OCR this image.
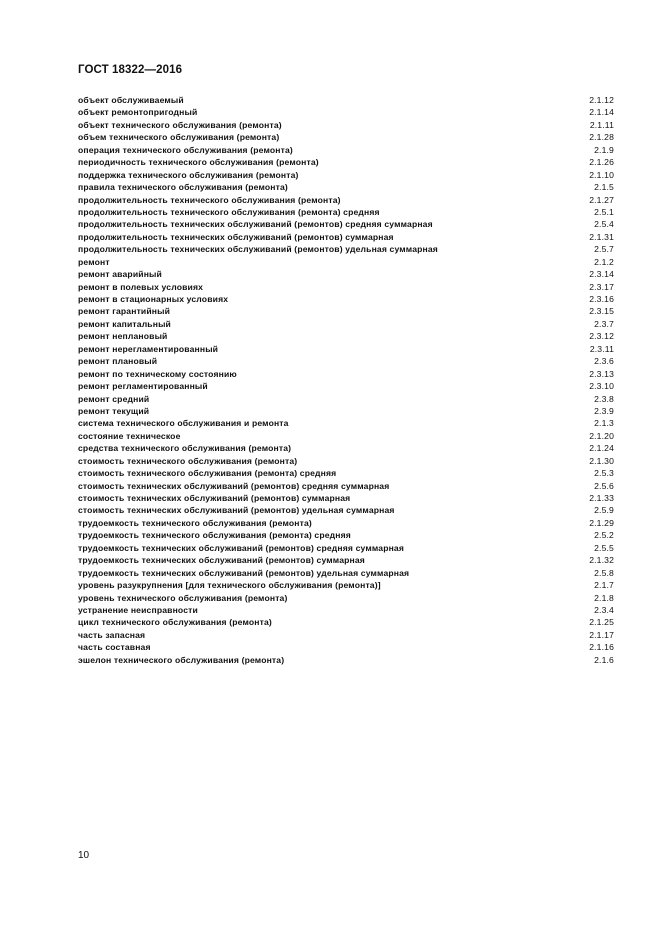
ГОСТ 18322—2016
объект обслуживаемый	2.1.12
объект ремонтопригодный	2.1.14
объект технического обслуживания (ремонта)	2.1.11
объем технического обслуживания (ремонта)	2.1.28
операция технического обслуживания (ремонта)	2.1.9
периодичность технического обслуживания (ремонта)	2.1.26
поддержка технического обслуживания (ремонта)	2.1.10
правила технического обслуживания (ремонта)	2.1.5
продолжительность технического обслуживания (ремонта)	2.1.27
продолжительность технического обслуживания (ремонта) средняя	2.5.1
продолжительность технических обслуживаний (ремонтов) средняя суммарная	2.5.4
продолжительность технических обслуживаний (ремонтов) суммарная	2.1.31
продолжительность технических обслуживаний (ремонтов) удельная суммарная	2.5.7
ремонт	2.1.2
ремонт аварийный	2.3.14
ремонт в полевых условиях	2.3.17
ремонт в стационарных условиях	2.3.16
ремонт гарантийный	2.3.15
ремонт капитальный	2.3.7
ремонт неплановый	2.3.12
ремонт нерегламентированный	2.3.11
ремонт плановый	2.3.6
ремонт по техническому состоянию	2.3.13
ремонт регламентированный	2.3.10
ремонт средний	2.3.8
ремонт текущий	2.3.9
система технического обслуживания и ремонта	2.1.3
состояние техническое	2.1.20
средства технического обслуживания (ремонта)	2.1.24
стоимость технического обслуживания (ремонта)	2.1.30
стоимость технического обслуживания (ремонта) средняя	2.5.3
стоимость технических обслуживаний (ремонтов) средняя суммарная	2.5.6
стоимость технических обслуживаний (ремонтов) суммарная	2.1.33
стоимость технических обслуживаний (ремонтов) удельная суммарная	2.5.9
трудоемкость технического обслуживания (ремонта)	2.1.29
трудоемкость технического обслуживания (ремонта) средняя	2.5.2
трудоемкость технических обслуживаний (ремонтов) средняя суммарная	2.5.5
трудоемкость технических обслуживаний (ремонтов) суммарная	2.1.32
трудоемкость технических обслуживаний (ремонтов) удельная суммарная	2.5.8
уровень разукрупнения [для технического обслуживания (ремонта)]	2.1.7
уровень технического обслуживания (ремонта)	2.1.8
устранение неисправности	2.3.4
цикл технического обслуживания (ремонта)	2.1.25
часть запасная	2.1.17
часть составная	2.1.16
эшелон технического обслуживания (ремонта)	2.1.6
10
